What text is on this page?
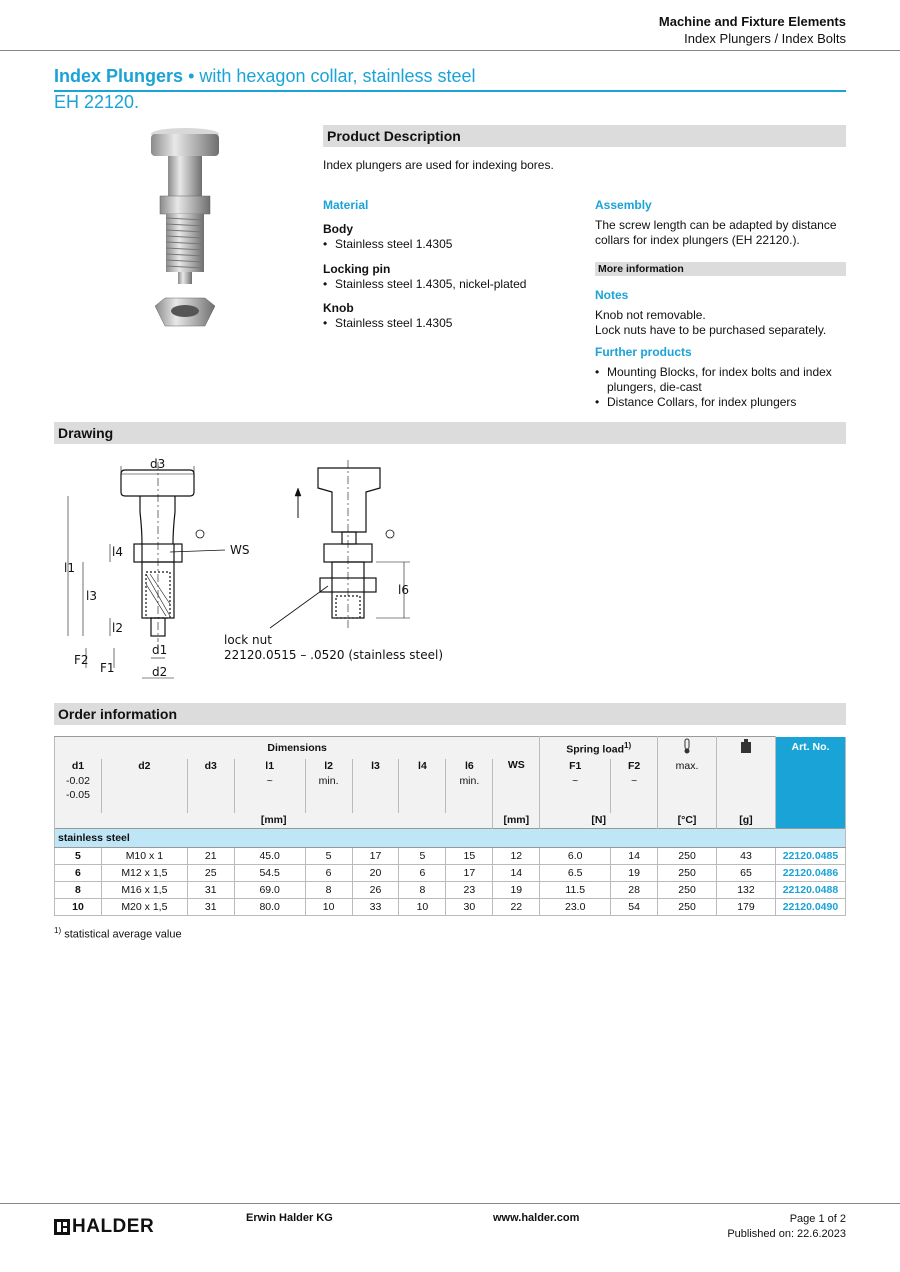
Machine and Fixture Elements
Index Plungers / Index Bolts
Index Plungers • with hexagon collar, stainless steel
EH 22120.
Product Description
Index plungers are used for indexing bores.
Material
Body
• Stainless steel 1.4305
Locking pin
• Stainless steel 1.4305, nickel-plated
Knob
• Stainless steel 1.4305
Assembly
The screw length can be adapted by distance collars for index plungers (EH 22120.).
More information
Notes
Knob not removable.
Lock nuts have to be purchased separately.
Further products
• Mounting Blocks, for index bolts and index plungers, die-cast
• Distance Collars, for index plungers
Drawing
d3
WS
l1
l3
l4
l2
F2
F1
d1
d2
l6
lock nut
22120.0515 – .0520 (stainless steel)
Order information
Dimensions									Spring load$^{1)}$				Art. No.
d1	d2	d3	l1	l2	l3	l4	l6	WS	F1	F2	max.		
-0.02			~	min.			min.		~	~			
-0.05													
[mm]								[mm]	[N]		[°C]	[g]	
stainless steel													
5	M10 x 1	21	45.0	5	17	5	15	12	6.0	14	250	43	22120.0485
6	M12 x 1,5	25	54.5	6	20	6	17	14	6.5	19	250	65	22120.0486
8	M16 x 1,5	31	69.0	8	26	8	23	19	11.5	28	250	132	22120.0488
10	M20 x 1,5	31	80.0	10	33	10	30	22	23.0	54	250	179	22120.0490
$^{1)}$ statistical average value
HALDER	Erwin Halder KG	www.halder.com	Page 1 of 2
Published on: 22.6.2023
